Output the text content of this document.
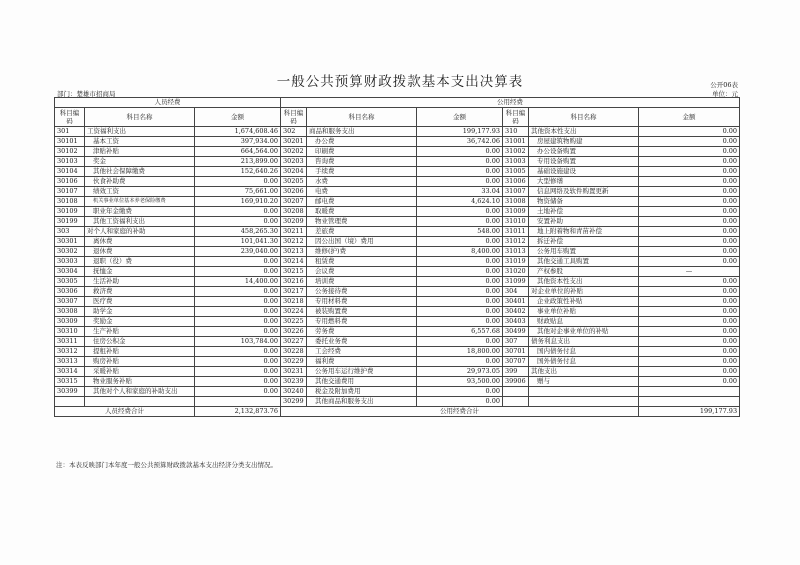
一般公共预算财政拨款基本支出决算表	公开06表
单位：元
部门：楚雄市招商局
人员经费			公用经费					
科目编码	科目名称	金额	科目编码	科目名称	金额	科目编码	科目名称	金额
301	工资福利支出	1,674,608.46	302	商品和服务支出	199,177.93	310	其他资本性支出	0.00
30101	基本工资	397,934.00	30201	办公费	36,742.06	31001	房屋建筑物购建	0.00
30102	津贴补贴	664,564.00	30202	印刷费	0.00	31002	办公设备购置	0.00
30103	奖金	213,899.00	30203	咨询费	0.00	31003	专用设备购置	0.00
30104	其他社会保障缴费	152,640.26	30204	手续费	0.00	31005	基础设施建设	0.00
30106	伙食补助费	0.00	30205	水费	0.00	31006	大型修缮	0.00
30107	绩效工资	75,661.00	30206	电费	33.04	31007	信息网络及软件购置更新	0.00
30108	机关事业单位基本养老保险缴费	169,910.20	30207	邮电费	4,624.10	31008	物资储备	0.00
30109	职业年金缴费	0.00	30208	取暖费	0.00	31009	土地补偿	0.00
30199	其他工资福利支出	0.00	30209	物业管理费	0.00	31010	安置补助	0.00
303	对个人和家庭的补助	458,265.30	30211	差旅费	548.00	31011	地上附着物和青苗补偿	0.00
30301	离休费	101,041.30	30212	因公出国（境）费用	0.00	31012	拆迁补偿	0.00
30302	退休费	239,040.00	30213	维修(护)费	8,400.00	31013	公务用车购置	0.00
30303	退职（役）费	0.00	30214	租赁费	0.00	31019	其他交通工具购置	0.00
30304	抚恤金	0.00	30215	会议费	0.00	31020	产权参股	—
30305	生活补助	14,400.00	30216	培训费	0.00	31099	其他资本性支出	0.00
30306	救济费	0.00	30217	公务接待费	0.00	304	对企业单位的补贴	0.00
30307	医疗费	0.00	30218	专用材料费	0.00	30401	企业政策性补贴	0.00
30308	助学金	0.00	30224	被装购置费	0.00	30402	事业单位补贴	0.00
30309	奖励金	0.00	30225	专用燃料费	0.00	30403	财政贴息	0.00
30310	生产补贴	0.00	30226	劳务费	6,557.68	30499	其他对企事业单位的补贴	0.00
30311	住房公积金	103,784.00	30227	委托业务费	0.00	307	债务利息支出	0.00
30312	提租补贴	0.00	30228	工会经费	18,800.00	30701	国内债务付息	0.00
30313	购房补贴	0.00	30229	福利费	0.00	30707	国外债务付息	0.00
30314	采暖补贴	0.00	30231	公务用车运行维护费	29,973.05	399	其他支出	0.00
30315	物业服务补贴	0.00	30239	其他交通费用	93,500.00	39906	赠与	0.00
30399	其他对个人和家庭的补助支出	0.00	30240	税金及附加费用	0.00			
			30299	其他商品和服务支出	0.00			
人员经费合计		2,132,873.76	公用经费合计					199,177.93
注：本表反映部门本年度一般公共预算财政拨款基本支出经济分类支出情况。
